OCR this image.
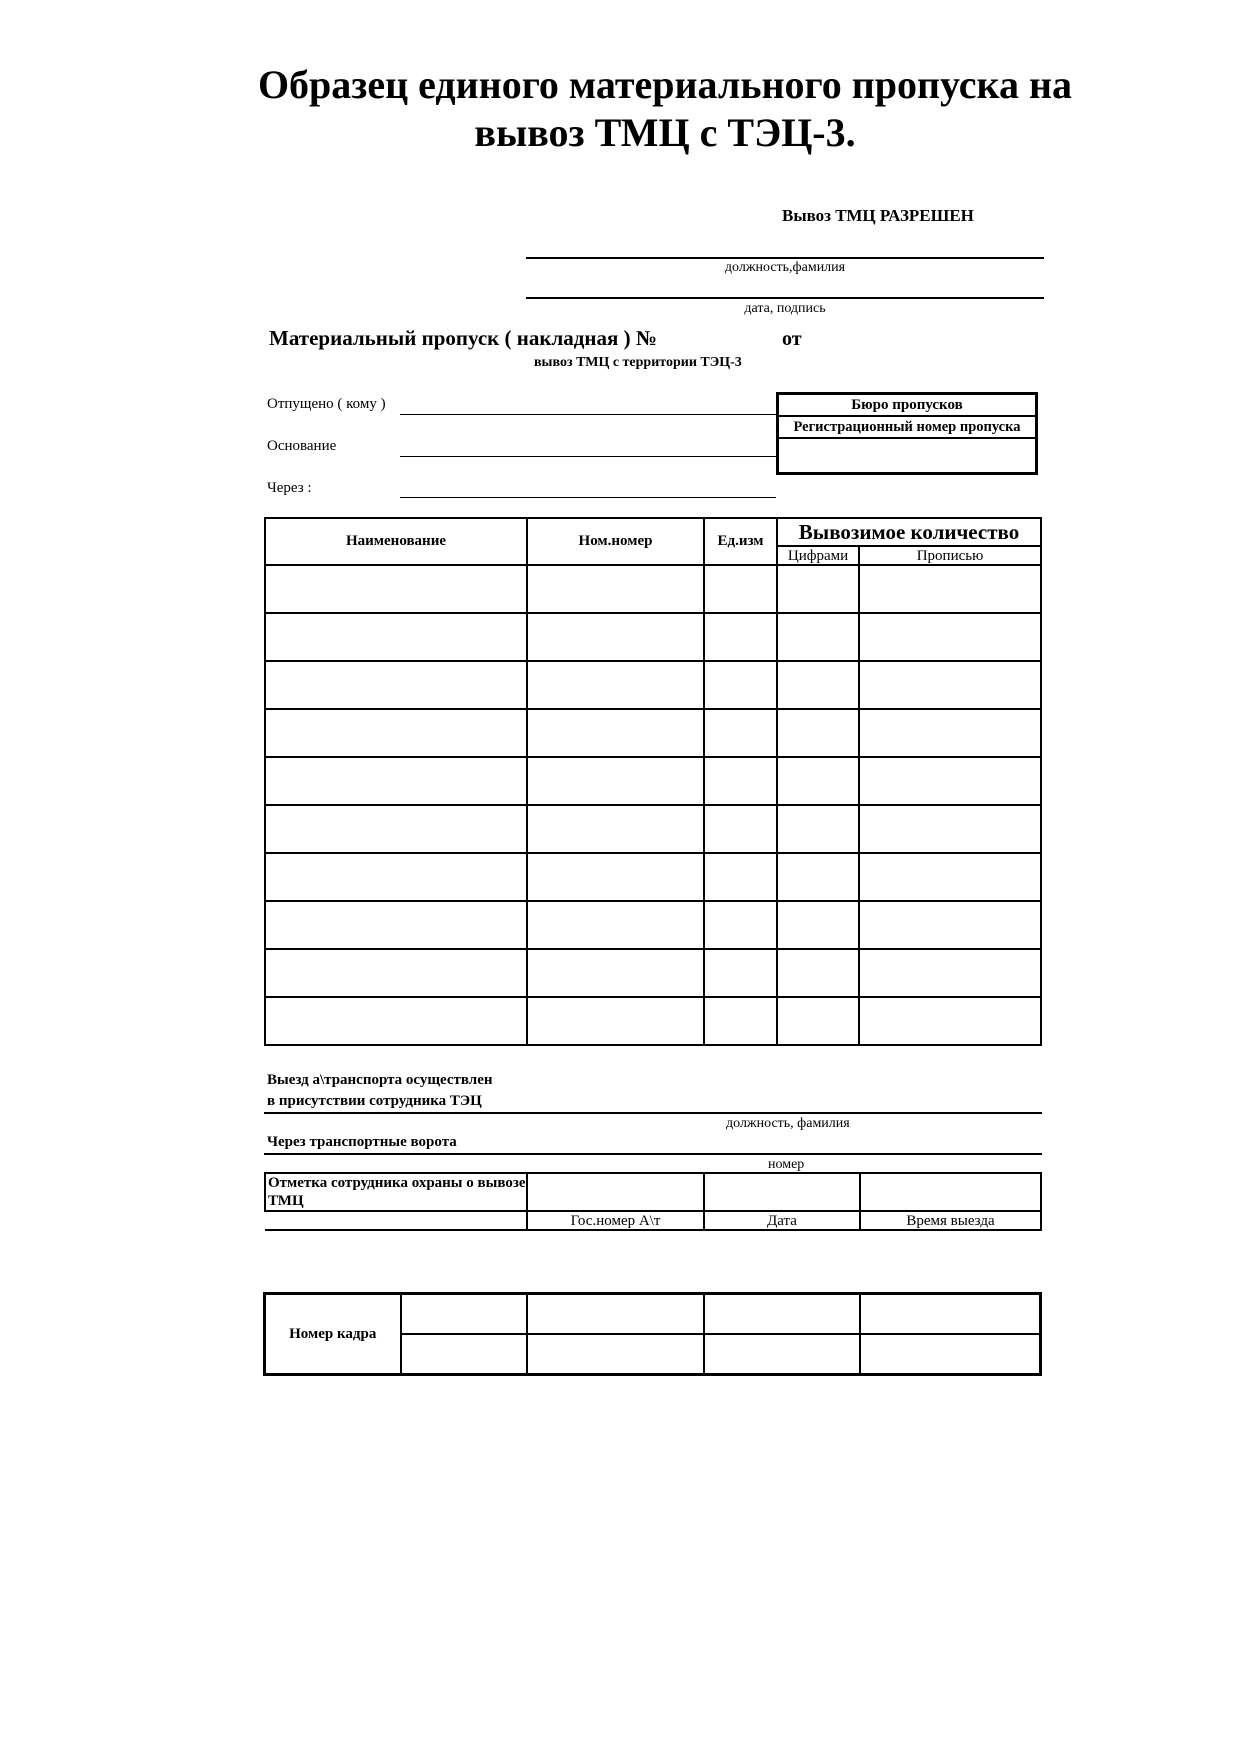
Образец единого материального пропуска на
вывоз ТМЦ с ТЭЦ-3.
Вывоз ТМЦ РАЗРЕШЕН
должность,фамилия
дата, подпись
Материальный пропуск ( накладная ) №	от
вывоз ТМЦ с территории ТЭЦ-3
Отпущено ( кому )
Основание
Через :
Бюро пропусков
Регистрационный номер пропуска
Наименование	Ном.номер	Ед.изм	Вывозимое количество	
			Цифрами	Прописью

Выезд а\транспорта осуществлен
в присутствии сотрудника ТЭЦ
должность, фамилия
Через транспортные ворота
номер
Отметка сотрудника охраны о вывозе ТМЦ			
	Гос.номер А\т	Дата	Время выезда
Номер кадра				
